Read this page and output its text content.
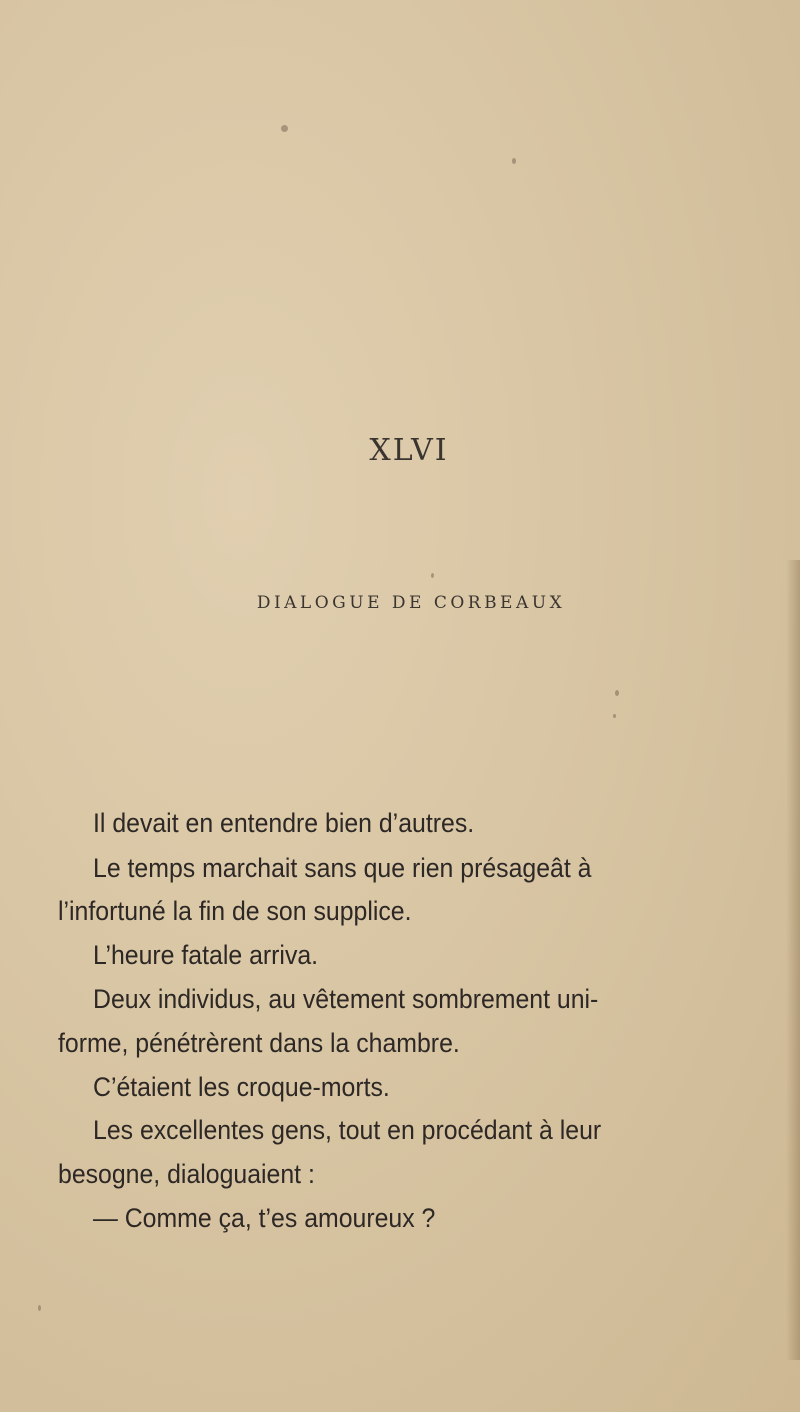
XLVI
DIALOGUE DE CORBEAUX
Il devait en entendre bien d’autres.
Le temps marchait sans que rien présageât à
l’infortuné la fin de son supplice.
L’heure fatale arriva.
Deux individus, au vêtement sombrement uni-
forme, pénétrèrent dans la chambre.
C’étaient les croque-morts.
Les excellentes gens, tout en procédant à leur
besogne, dialoguaient :
— Comme ça, t’es amoureux ?
